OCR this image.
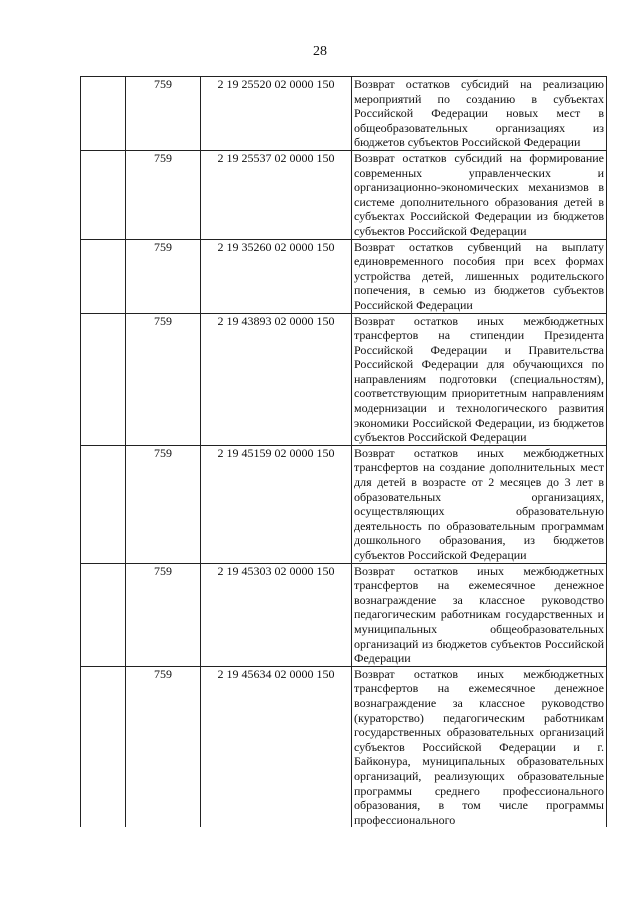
28
	759	2 19 25520 02 0000 150	Возврат остатков субсидий на реализацию мероприятий по созданию в субъектах Российской Федерации новых мест в общеобразовательных организациях из бюджетов субъектов Российской Федерации
	759	2 19 25537 02 0000 150	Возврат остатков субсидий на формирование современных управленческих и организационно-экономических механизмов в системе дополнительного образования детей в субъектах Российской Федерации из бюджетов субъектов Российской Федерации
	759	2 19 35260 02 0000 150	Возврат остатков субвенций на выплату единовременного пособия при всех формах устройства детей, лишенных родительского попечения, в семью из бюджетов субъектов Российской Федерации
	759	2 19 43893 02 0000 150	Возврат остатков иных межбюджетных трансфертов на стипендии Президента Российской Федерации и Правительства Российской Федерации для обучающихся по направлениям подготовки (специальностям), соответствующим приоритетным направлениям модернизации и технологического развития экономики Российской Федерации, из бюджетов субъектов Российской Федерации
	759	2 19 45159 02 0000 150	Возврат остатков иных межбюджетных трансфертов на создание дополнительных мест для детей в возрасте от 2 месяцев до 3 лет в образовательных организациях, осуществляющих образовательную деятельность по образовательным программам дошкольного образования, из бюджетов субъектов Российской Федерации
	759	2 19 45303 02 0000 150	Возврат остатков иных межбюджетных трансфертов на ежемесячное денежное вознаграждение за классное руководство педагогическим работникам государственных и муниципальных общеобразовательных организаций из бюджетов субъектов Российской Федерации
	759	2 19 45634 02 0000 150	Возврат остатков иных межбюджетных трансфертов на ежемесячное денежное вознаграждение за классное руководство (кураторство) педагогическим работникам государственных образовательных организаций субъектов Российской Федерации и г. Байконура, муниципальных образовательных организаций, реализующих образовательные программы среднего профессионального образования, в том числе программы профессионального
